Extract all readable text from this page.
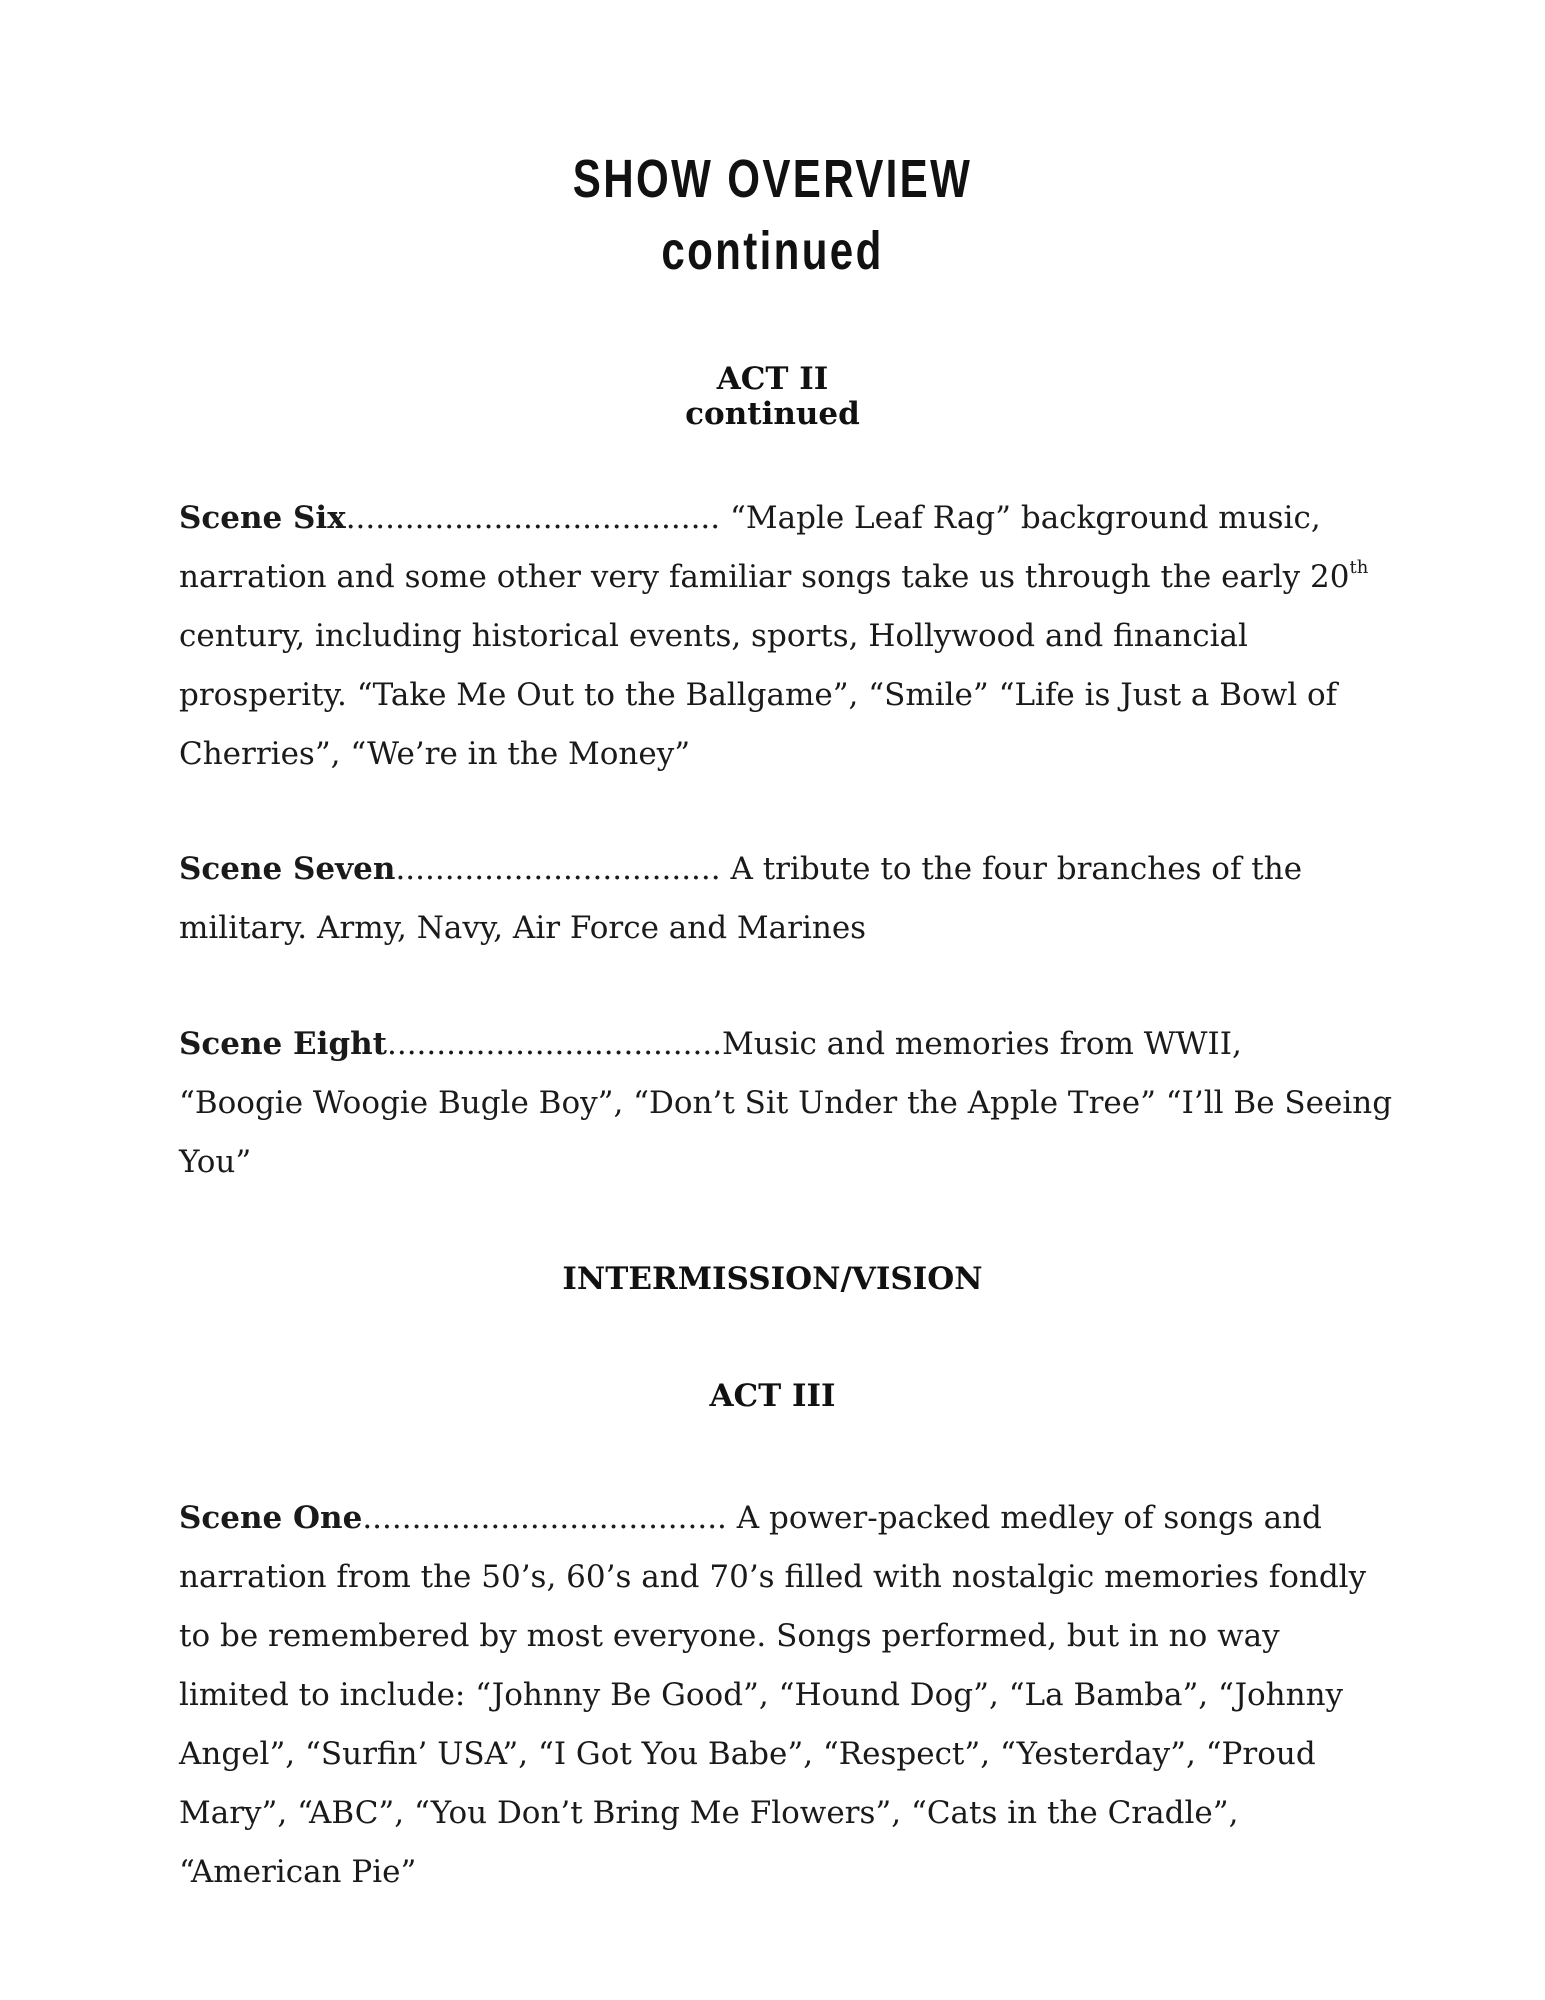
SHOW OVERVIEW
continued
ACT II
continued
Scene Six...................................... “Maple Leaf Rag” background music,
narration and some other very familiar songs take us through the early 20th
century, including historical events, sports, Hollywood and financial
prosperity. “Take Me Out to the Ballgame”, “Smile” “Life is Just a Bowl of
Cherries”, “We’re in the Money”
Scene Seven................................. A tribute to the four branches of the
military. Army, Navy, Air Force and Marines
Scene Eight..................................Music and memories from WWII,
“Boogie Woogie Bugle Boy”, “Don’t Sit Under the Apple Tree” “I’ll Be Seeing
You”
INTERMISSION/VISION
ACT III
Scene One..................................... A power-packed medley of songs and
narration from the 50’s, 60’s and 70’s filled with nostalgic memories fondly
to be remembered by most everyone. Songs performed, but in no way
limited to include: “Johnny Be Good”, “Hound Dog”, “La Bamba”, “Johnny
Angel”, “Surfin’ USA”, “I Got You Babe”, “Respect”, “Yesterday”, “Proud
Mary”, “ABC”, “You Don’t Bring Me Flowers”, “Cats in the Cradle”,
“American Pie”
